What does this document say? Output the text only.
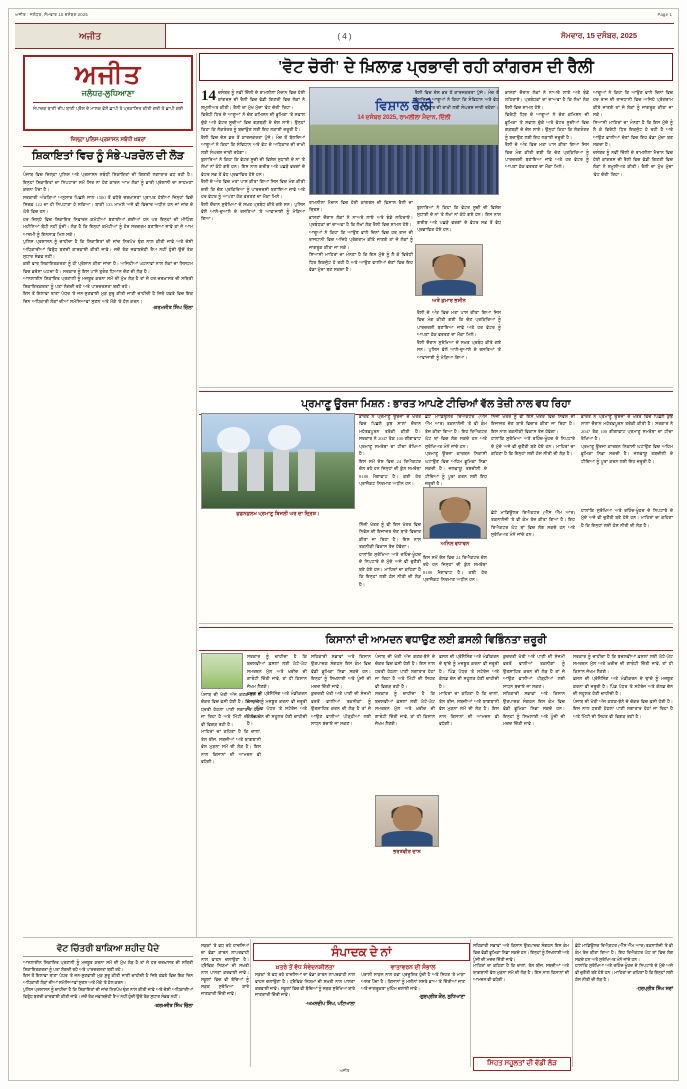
ਅਜੀਤ : ਜਲੰਧਰ, ਸੋਮਵਾਰ 15 ਦਸੰਬਰ 2025	Page 1
ਅਜੀਤ	( 4 )	ਸੋਮਵਾਰ, 15 ਦਸੰਬਰ, 2025
'ਵੋਟ ਚੋਰੀ' ਦੇ ਖ਼ਿਲਾਫ਼ ਪ੍ਰਭਾਵੀ ਰਹੀ ਕਾਂਗਰਸ ਦੀ ਰੈਲੀ
ਅਜੀਤ
ਜਲੰਧਰ-ਲੁਧਿਆਣਾ
ਸੰਪਾਦਕ ਬਾਣੀ ਦੀਪ ਬਾਣੀ ਪ੍ਰੈੱਸ ਦੇ ਮਾਲਕ ਵੱਲੋਂ ਛਾਪੀ ਤੇ ਪ੍ਰਕਾਸ਼ਿਤ ਕੀਤੀ ਗਈ ਤੇ ਛਾਪੀ ਗਈ
ਜ਼ਿਲ੍ਹਾ ਪੁਲਿਸ-ਪ੍ਰਸ਼ਾਸਨ ਸਬੰਧੀ ਖ਼ਬਰਾਂ
ਸ਼ਿਕਾਇਤਾਂ ਵਿਚ ਨੂੰ ਸੰਭੇ-ਪੜਚੋਲ ਦੀ ਲੋੜ
ਪੰਜਾਬ ਵਿਚ ਜ਼ਿਲ੍ਹਾ ਪੁਲਿਸ ਅਤੇ ਪ੍ਰਸ਼ਾਸਨ ਸਬੰਧੀ ਸ਼ਿਕਾਇਤਾਂ ਦੀ ਗਿਣਤੀ ਲਗਾਤਾਰ ਵਧ ਰਹੀ ਹੈ। ਇਨ੍ਹਾਂ ਸ਼ਿਕਾਇਤਾਂ ਦਾ ਨਿਪਟਾਰਾ ਸਮੇਂ ਸਿਰ ਨਾ ਹੋਣ ਕਾਰਨ ਆਮ ਲੋਕਾਂ ਨੂੰ ਭਾਰੀ ਪ੍ਰੇਸ਼ਾਨੀ ਦਾ ਸਾਹਮਣਾ ਕਰਨਾ ਪੈਂਦਾ ਹੈ।
ਸਰਕਾਰੀ ਅੰਕੜਿਆਂ ਅਨੁਸਾਰ ਪਿਛਲੇ ਸਾਲ 1500 ਤੋਂ ਵਧੇਰੇ ਦਰਖ਼ਾਸਤਾਂ ਪ੍ਰਾਪਤ ਹੋਈਆਂ ਜਿਨ੍ਹਾਂ ਵਿਚੋਂ ਸਿਰਫ਼ 122 ਦਾ ਹੀ ਨਿਪਟਾਰਾ ਹੋ ਸਕਿਆ। ਬਾਕੀ 133 ਮਾਮਲੇ ਅਜੇ ਵੀ ਵਿਚਾਰ ਅਧੀਨ ਹਨ ਜਾਂ ਜਾਂਚ ਦੇ ਘੇਰੇ ਵਿਚ ਹਨ।
ਹਰ ਜ਼ਿਲ੍ਹੇ ਵਿਚ ਸ਼ਿਕਾਇਤ ਨਿਵਾਰਨ ਕਮੇਟੀਆਂ ਬਣਾਈਆਂ ਗਈਆਂ ਹਨ ਪਰ ਇਨ੍ਹਾਂ ਦੀ ਮੀਟਿੰਗ ਮਹੀਨਿਆਂ ਬੱਧੀ ਨਹੀਂ ਹੁੰਦੀ। ਲੋੜ ਹੈ ਕਿ ਇਨ੍ਹਾਂ ਕਮੇਟੀਆਂ ਨੂੰ ਹੋਰ ਸਰਗਰਮ ਬਣਾਇਆ ਜਾਵੇ ਤਾਂ ਜੋ ਆਮ ਆਦਮੀ ਨੂੰ ਇਨਸਾਫ਼ ਮਿਲ ਸਕੇ।
ਪੁਲਿਸ ਪ੍ਰਸ਼ਾਸਨ ਨੂੰ ਚਾਹੀਦਾ ਹੈ ਕਿ ਸ਼ਿਕਾਇਤਾਂ ਦੀ ਜਾਂਚ ਨਿਰਪੱਖ ਢੰਗ ਨਾਲ ਕੀਤੀ ਜਾਵੇ ਅਤੇ ਦੋਸ਼ੀ ਅਧਿਕਾਰੀਆਂ ਵਿਰੁੱਧ ਬਣਦੀ ਕਾਰਵਾਈ ਕੀਤੀ ਜਾਵੇ। ਜਦੋਂ ਤੱਕ ਜਵਾਬਦੇਹੀ ਤੈਅ ਨਹੀਂ ਹੁੰਦੀ ਉਦੋਂ ਤੱਕ ਸੁਧਾਰ ਸੰਭਵ ਨਹੀਂ।
ਕਈ ਵਾਰ ਸ਼ਿਕਾਇਤਕਰਤਾ ਨੂੰ ਹੀ ਪ੍ਰੇਸ਼ਾਨ ਕੀਤਾ ਜਾਂਦਾ ਹੈ। ਅਜਿਹੀਆਂ ਘਟਨਾਵਾਂ ਨਾਲ ਲੋਕਾਂ ਦਾ ਸਿਸਟਮ ਵਿਚ ਭਰੋਸਾ ਘਟਦਾ ਹੈ। ਸਰਕਾਰ ਨੂੰ ਇਸ ਪਾਸੇ ਤੁਰੰਤ ਧਿਆਨ ਦੇਣ ਦੀ ਲੋੜ ਹੈ।
ਆਨਲਾਈਨ ਸ਼ਿਕਾਇਤ ਪ੍ਰਣਾਲੀ ਨੂੰ ਮਜ਼ਬੂਤ ਕਰਨਾ ਸਮੇਂ ਦੀ ਮੁੱਖ ਲੋੜ ਹੈ ਤਾਂ ਜੋ ਹਰ ਦਰਖ਼ਾਸਤ ਦੀ ਸਥਿਤੀ ਸ਼ਿਕਾਇਤਕਰਤਾ ਨੂੰ ਪਤਾ ਲੱਗਦੀ ਰਹੇ ਅਤੇ ਪਾਰਦਰਸ਼ਤਾ ਬਣੀ ਰਹੇ।
ਇਸ ਤੋਂ ਇਲਾਵਾ ਥਾਣਾ ਪੱਧਰ 'ਤੇ ਜਨ-ਸੁਣਵਾਈ ਮੁੜ ਸ਼ੁਰੂ ਕੀਤੀ ਜਾਣੀ ਚਾਹੀਦੀ ਹੈ ਜਿਥੇ ਹਫ਼ਤੇ ਵਿਚ ਇਕ ਦਿਨ ਅਧਿਕਾਰੀ ਲੋਕਾਂ ਦੀਆਂ ਸਮੱਸਿਆਵਾਂ ਸੁਣਨ ਅਤੇ ਮੌਕੇ 'ਤੇ ਹੱਲ ਕਰਨ।
-ਕਰਮਜੀਤ ਸਿੰਘ ਚਿੱਲਾ
ਵਿਸ਼ਾਲ ਰੈਲੀ
14 ਦਸੰਬਰ 2025, ਰਾਮਲੀਲਾ ਮੈਦਾਨ, ਦਿੱਲੀ
14 ਦਸੰਬਰ ਨੂੰ ਨਵੀਂ ਦਿੱਲੀ ਦੇ ਰਾਮਲੀਲਾ ਮੈਦਾਨ ਵਿਚ ਹੋਈ ਕਾਂਗਰਸ ਦੀ ਰੈਲੀ ਵਿਚ ਵੱਡੀ ਗਿਣਤੀ ਵਿਚ ਲੋਕਾਂ ਨੇ ਸ਼ਮੂਲੀਅਤ ਕੀਤੀ। ਰੈਲੀ ਦਾ ਮੁੱਖ ਮੁੱਦਾ 'ਵੋਟ ਚੋਰੀ' ਰਿਹਾ।
ਵਿਰੋਧੀ ਧਿਰ ਦੇ ਆਗੂਆਂ ਨੇ ਚੋਣ ਕਮਿਸ਼ਨ ਦੀ ਭੂਮਿਕਾ 'ਤੇ ਸਵਾਲ ਚੁੱਕੇ ਅਤੇ ਵੋਟਰ ਸੂਚੀਆਂ ਵਿਚ ਗੜਬੜੀ ਦੇ ਦੋਸ਼ ਲਾਏ। ਉਨ੍ਹਾਂ ਕਿਹਾ ਕਿ ਲੋਕਤੰਤਰ ਨੂੰ ਬਚਾਉਣ ਲਈ ਇਹ ਲੜਾਈ ਜ਼ਰੂਰੀ ਹੈ।
ਰੈਲੀ ਵਿਚ ਦੇਸ਼ ਭਰ ਤੋਂ ਕਾਰਜਕਰਤਾ ਪੁੱਜੇ। ਮੰਚ ਤੋਂ ਬੋਲਦਿਆਂ ਆਗੂਆਂ ਨੇ ਕਿਹਾ ਕਿ ਸੰਵਿਧਾਨ ਅਤੇ ਵੋਟ ਦੇ ਅਧਿਕਾਰ ਦੀ ਰਾਖੀ ਲਈ ਸੰਘਰਸ਼ ਜਾਰੀ ਰਹੇਗਾ।
ਬੁਲਾਰਿਆਂ ਨੇ ਕਿਹਾ ਕਿ ਵੋਟਰ ਸੂਚੀ ਦੀ ਵਿਸ਼ੇਸ਼ ਸੁਧਾਈ ਦੇ ਨਾਂ 'ਤੇ ਲੱਖਾਂ ਨਾਂ ਕੱਟੇ ਗਏ ਹਨ। ਇਸ ਨਾਲ ਗ਼ਰੀਬ ਅਤੇ ਪਛੜੇ ਵਰਗਾਂ ਦੇ ਵੋਟਰ ਸਭ ਤੋਂ ਵੱਧ ਪ੍ਰਭਾਵਿਤ ਹੋਏ ਹਨ।
ਰੈਲੀ ਦੇ ਅੰਤ ਵਿਚ ਮਤਾ ਪਾਸ ਕੀਤਾ ਗਿਆ ਜਿਸ ਵਿਚ ਮੰਗ ਕੀਤੀ ਗਈ ਕਿ ਚੋਣ ਪ੍ਰਕਿਰਿਆ ਨੂੰ ਪਾਰਦਰਸ਼ੀ ਬਣਾਇਆ ਜਾਵੇ ਅਤੇ ਹਰ ਵੋਟਰ ਨੂੰ ਆਪਣਾ ਹੱਕ ਵਰਤਣ ਦਾ ਮੌਕਾ ਮਿਲੇ।
ਰੈਲੀ ਦੌਰਾਨ ਸੁਰੱਖਿਆ ਦੇ ਸਖ਼ਤ ਪ੍ਰਬੰਧ ਕੀਤੇ ਗਏ ਸਨ। ਪੁਲਿਸ ਵੱਲੋਂ ਆਲੇ-ਦੁਆਲੇ ਦੇ ਰਸਤਿਆਂ 'ਤੇ ਆਵਾਜਾਈ ਨੂੰ ਮੋੜਿਆ ਗਿਆ।
ਰਾਮਲੀਲਾ ਮੈਦਾਨ ਵਿਚ ਹੋਈ ਕਾਂਗਰਸ ਦੀ ਵਿਸ਼ਾਲ ਰੈਲੀ ਦਾ ਦ੍ਰਿਸ਼।
ਭਾਸ਼ਣਾਂ ਦੌਰਾਨ ਲੋਕਾਂ ਨੇ ਨਾਅਰੇ ਲਾਏ ਅਤੇ ਝੰਡੇ ਲਹਿਰਾਏ। ਪ੍ਰਬੰਧਕਾਂ ਦਾ ਦਾਅਵਾ ਹੈ ਕਿ ਲੱਖਾਂ ਲੋਕ ਰੈਲੀ ਵਿਚ ਸ਼ਾਮਲ ਹੋਏ।
ਆਗੂਆਂ ਨੇ ਕਿਹਾ ਕਿ ਆਉਣ ਵਾਲੇ ਦਿਨਾਂ ਵਿਚ ਹਰ ਰਾਜ ਦੀ ਰਾਜਧਾਨੀ ਵਿਚ ਅਜਿਹੇ ਪ੍ਰੋਗਰਾਮ ਕੀਤੇ ਜਾਣਗੇ ਤਾਂ ਜੋ ਲੋਕਾਂ ਨੂੰ ਜਾਗਰੂਕ ਕੀਤਾ ਜਾ ਸਕੇ।
ਸਿਆਸੀ ਮਾਹਿਰਾਂ ਦਾ ਮੰਨਣਾ ਹੈ ਕਿ ਇਸ ਮੁੱਦੇ ਨੂੰ ਲੈ ਕੇ ਵਿਰੋਧੀ ਧਿਰ ਇਕਜੁੱਟ ਹੋ ਰਹੀ ਹੈ ਅਤੇ ਆਉਣ ਵਾਲੀਆਂ ਚੋਣਾਂ ਵਿਚ ਇਹ ਵੱਡਾ ਮੁੱਦਾ ਬਣ ਸਕਦਾ ਹੈ।
ਅਤੇ ਕੁਮਾਰ ਭਸੀਨ
ਰੈਲੀ ਵਿਚ ਦੇਸ਼ ਭਰ ਤੋਂ ਕਾਰਜਕਰਤਾ ਪੁੱਜੇ। ਮੰਚ ਤੋਂ ਬੋਲਦਿਆਂ ਆਗੂਆਂ ਨੇ ਕਿਹਾ ਕਿ ਸੰਵਿਧਾਨ ਅਤੇ ਵੋਟ ਦੇ ਅਧਿਕਾਰ ਦੀ ਰਾਖੀ ਲਈ ਸੰਘਰਸ਼ ਜਾਰੀ ਰਹੇਗਾ।
ਬੁਲਾਰਿਆਂ ਨੇ ਕਿਹਾ ਕਿ ਵੋਟਰ ਸੂਚੀ ਦੀ ਵਿਸ਼ੇਸ਼ ਸੁਧਾਈ ਦੇ ਨਾਂ 'ਤੇ ਲੱਖਾਂ ਨਾਂ ਕੱਟੇ ਗਏ ਹਨ। ਇਸ ਨਾਲ ਗ਼ਰੀਬ ਅਤੇ ਪਛੜੇ ਵਰਗਾਂ ਦੇ ਵੋਟਰ ਸਭ ਤੋਂ ਵੱਧ ਪ੍ਰਭਾਵਿਤ ਹੋਏ ਹਨ।
ਰੈਲੀ ਦੇ ਅੰਤ ਵਿਚ ਮਤਾ ਪਾਸ ਕੀਤਾ ਗਿਆ ਜਿਸ ਵਿਚ ਮੰਗ ਕੀਤੀ ਗਈ ਕਿ ਚੋਣ ਪ੍ਰਕਿਰਿਆ ਨੂੰ ਪਾਰਦਰਸ਼ੀ ਬਣਾਇਆ ਜਾਵੇ ਅਤੇ ਹਰ ਵੋਟਰ ਨੂੰ ਆਪਣਾ ਹੱਕ ਵਰਤਣ ਦਾ ਮੌਕਾ ਮਿਲੇ।
ਰੈਲੀ ਦੌਰਾਨ ਸੁਰੱਖਿਆ ਦੇ ਸਖ਼ਤ ਪ੍ਰਬੰਧ ਕੀਤੇ ਗਏ ਸਨ। ਪੁਲਿਸ ਵੱਲੋਂ ਆਲੇ-ਦੁਆਲੇ ਦੇ ਰਸਤਿਆਂ 'ਤੇ ਆਵਾਜਾਈ ਨੂੰ ਮੋੜਿਆ ਗਿਆ।
ਭਾਸ਼ਣਾਂ ਦੌਰਾਨ ਲੋਕਾਂ ਨੇ ਨਾਅਰੇ ਲਾਏ ਅਤੇ ਝੰਡੇ ਲਹਿਰਾਏ। ਪ੍ਰਬੰਧਕਾਂ ਦਾ ਦਾਅਵਾ ਹੈ ਕਿ ਲੱਖਾਂ ਲੋਕ ਰੈਲੀ ਵਿਚ ਸ਼ਾਮਲ ਹੋਏ।
ਵਿਰੋਧੀ ਧਿਰ ਦੇ ਆਗੂਆਂ ਨੇ ਚੋਣ ਕਮਿਸ਼ਨ ਦੀ ਭੂਮਿਕਾ 'ਤੇ ਸਵਾਲ ਚੁੱਕੇ ਅਤੇ ਵੋਟਰ ਸੂਚੀਆਂ ਵਿਚ ਗੜਬੜੀ ਦੇ ਦੋਸ਼ ਲਾਏ। ਉਨ੍ਹਾਂ ਕਿਹਾ ਕਿ ਲੋਕਤੰਤਰ ਨੂੰ ਬਚਾਉਣ ਲਈ ਇਹ ਲੜਾਈ ਜ਼ਰੂਰੀ ਹੈ।
ਰੈਲੀ ਦੇ ਅੰਤ ਵਿਚ ਮਤਾ ਪਾਸ ਕੀਤਾ ਗਿਆ ਜਿਸ ਵਿਚ ਮੰਗ ਕੀਤੀ ਗਈ ਕਿ ਚੋਣ ਪ੍ਰਕਿਰਿਆ ਨੂੰ ਪਾਰਦਰਸ਼ੀ ਬਣਾਇਆ ਜਾਵੇ ਅਤੇ ਹਰ ਵੋਟਰ ਨੂੰ ਆਪਣਾ ਹੱਕ ਵਰਤਣ ਦਾ ਮੌਕਾ ਮਿਲੇ।
ਆਗੂਆਂ ਨੇ ਕਿਹਾ ਕਿ ਆਉਣ ਵਾਲੇ ਦਿਨਾਂ ਵਿਚ ਹਰ ਰਾਜ ਦੀ ਰਾਜਧਾਨੀ ਵਿਚ ਅਜਿਹੇ ਪ੍ਰੋਗਰਾਮ ਕੀਤੇ ਜਾਣਗੇ ਤਾਂ ਜੋ ਲੋਕਾਂ ਨੂੰ ਜਾਗਰੂਕ ਕੀਤਾ ਜਾ ਸਕੇ।
ਸਿਆਸੀ ਮਾਹਿਰਾਂ ਦਾ ਮੰਨਣਾ ਹੈ ਕਿ ਇਸ ਮੁੱਦੇ ਨੂੰ ਲੈ ਕੇ ਵਿਰੋਧੀ ਧਿਰ ਇਕਜੁੱਟ ਹੋ ਰਹੀ ਹੈ ਅਤੇ ਆਉਣ ਵਾਲੀਆਂ ਚੋਣਾਂ ਵਿਚ ਇਹ ਵੱਡਾ ਮੁੱਦਾ ਬਣ ਸਕਦਾ ਹੈ।
ਦਸੰਬਰ ਨੂੰ ਨਵੀਂ ਦਿੱਲੀ ਦੇ ਰਾਮਲੀਲਾ ਮੈਦਾਨ ਵਿਚ ਹੋਈ ਕਾਂਗਰਸ ਦੀ ਰੈਲੀ ਵਿਚ ਵੱਡੀ ਗਿਣਤੀ ਵਿਚ ਲੋਕਾਂ ਨੇ ਸ਼ਮੂਲੀਅਤ ਕੀਤੀ। ਰੈਲੀ ਦਾ ਮੁੱਖ ਮੁੱਦਾ 'ਵੋਟ ਚੋਰੀ' ਰਿਹਾ।
ਪ੍ਰਮਾਣੂ ਊਰਜਾ ਮਿਸ਼ਨ : ਭਾਰਤ ਆਪਣੇ ਟੀਚਿਆਂ ਵੱਲ ਤੇਜ਼ੀ ਨਾਲ ਵਧ ਰਿਹਾ
ਕੁਡਨਕੁਲਮ ਪ੍ਰਮਾਣੂ ਬਿਜਲੀ ਘਰ ਦਾ ਦ੍ਰਿਸ਼।
ਭਾਰਤ ਨੇ ਪ੍ਰਮਾਣੂ ਊਰਜਾ ਦੇ ਖੇਤਰ ਵਿਚ ਪਿਛਲੇ ਕੁਝ ਸਾਲਾਂ ਦੌਰਾਨ ਮਹੱਤਵਪੂਰਨ ਤਰੱਕੀ ਕੀਤੀ ਹੈ। ਸਰਕਾਰ ਨੇ 2047 ਤੱਕ 100 ਗੀਗਾਵਾਟ ਪ੍ਰਮਾਣੂ ਸਮਰੱਥਾ ਦਾ ਟੀਚਾ ਰੱਖਿਆ ਹੈ।
ਇਸ ਸਮੇਂ ਦੇਸ਼ ਵਿਚ 24 ਰਿਐਕਟਰ ਚੱਲ ਰਹੇ ਹਨ ਜਿਨ੍ਹਾਂ ਦੀ ਕੁੱਲ ਸਮਰੱਥਾ 8180 ਮੈਗਾਵਾਟ ਹੈ। ਕਈ ਹੋਰ ਪ੍ਰਾਜੈਕਟ ਨਿਰਮਾਣ ਅਧੀਨ ਹਨ।
ਛੋਟੇ ਮਾਡਿਊਲਰ ਰਿਐਕਟਰ (ਐੱਸ ਐੱਮ ਆਰ) ਤਕਨਾਲੋਜੀ 'ਤੇ ਵੀ ਕੰਮ ਤੇਜ਼ ਕੀਤਾ ਗਿਆ ਹੈ। ਇਹ ਰਿਐਕਟਰ ਘੱਟ ਥਾਂ ਵਿਚ ਲੱਗ ਸਕਦੇ ਹਨ ਅਤੇ ਸੁਰੱਖਿਅਤ ਮੰਨੇ ਜਾਂਦੇ ਹਨ।
ਪ੍ਰਮਾਣੂ ਊਰਜਾ ਕਾਰਬਨ ਨਿਕਾਸੀ ਘਟਾਉਣ ਵਿਚ ਅਹਿਮ ਭੂਮਿਕਾ ਨਿਭਾ ਸਕਦੀ ਹੈ। ਜਲਵਾਯੂ ਤਬਦੀਲੀ ਦੇ ਟੀਚਿਆਂ ਨੂੰ ਪੂਰਾ ਕਰਨ ਲਈ ਇਹ ਜ਼ਰੂਰੀ ਹੈ।
ਨਿੱਜੀ ਖੇਤਰ ਨੂੰ ਵੀ ਇਸ ਖੇਤਰ ਵਿਚ ਨਿਵੇਸ਼ ਦੀ ਇਜਾਜ਼ਤ ਦੇਣ ਬਾਰੇ ਵਿਚਾਰ ਕੀਤਾ ਜਾ ਰਿਹਾ ਹੈ। ਇਸ ਨਾਲ ਤਕਨੀਕੀ ਵਿਕਾਸ ਤੇਜ਼ ਹੋਵੇਗਾ।
ਹਾਲਾਂਕਿ ਸੁਰੱਖਿਆ ਅਤੇ ਰਹਿੰਦ-ਖੂੰਹਦ ਦੇ ਨਿਪਟਾਰੇ ਦੇ ਮੁੱਦੇ ਅਜੇ ਵੀ ਚੁਣੌਤੀ ਬਣੇ ਹੋਏ ਹਨ। ਮਾਹਿਰਾਂ ਦਾ ਕਹਿਣਾ ਹੈ ਕਿ ਇਨ੍ਹਾਂ ਲਈ ਠੋਸ ਨੀਤੀ ਦੀ ਲੋੜ ਹੈ।
ਭਾਰਤ ਨੇ ਪ੍ਰਮਾਣੂ ਊਰਜਾ ਦੇ ਖੇਤਰ ਵਿਚ ਪਿਛਲੇ ਕੁਝ ਸਾਲਾਂ ਦੌਰਾਨ ਮਹੱਤਵਪੂਰਨ ਤਰੱਕੀ ਕੀਤੀ ਹੈ। ਸਰਕਾਰ ਨੇ 2047 ਤੱਕ 100 ਗੀਗਾਵਾਟ ਪ੍ਰਮਾਣੂ ਸਮਰੱਥਾ ਦਾ ਟੀਚਾ ਰੱਖਿਆ ਹੈ।
ਪ੍ਰਮਾਣੂ ਊਰਜਾ ਕਾਰਬਨ ਨਿਕਾਸੀ ਘਟਾਉਣ ਵਿਚ ਅਹਿਮ ਭੂਮਿਕਾ ਨਿਭਾ ਸਕਦੀ ਹੈ। ਜਲਵਾਯੂ ਤਬਦੀਲੀ ਦੇ ਟੀਚਿਆਂ ਨੂੰ ਪੂਰਾ ਕਰਨ ਲਈ ਇਹ ਜ਼ਰੂਰੀ ਹੈ।
ਅਨਿਲ ਵਧਾਵਨ
ਨਿੱਜੀ ਖੇਤਰ ਨੂੰ ਵੀ ਇਸ ਖੇਤਰ ਵਿਚ ਨਿਵੇਸ਼ ਦੀ ਇਜਾਜ਼ਤ ਦੇਣ ਬਾਰੇ ਵਿਚਾਰ ਕੀਤਾ ਜਾ ਰਿਹਾ ਹੈ। ਇਸ ਨਾਲ ਤਕਨੀਕੀ ਵਿਕਾਸ ਤੇਜ਼ ਹੋਵੇਗਾ।
ਹਾਲਾਂਕਿ ਸੁਰੱਖਿਆ ਅਤੇ ਰਹਿੰਦ-ਖੂੰਹਦ ਦੇ ਨਿਪਟਾਰੇ ਦੇ ਮੁੱਦੇ ਅਜੇ ਵੀ ਚੁਣੌਤੀ ਬਣੇ ਹੋਏ ਹਨ। ਮਾਹਿਰਾਂ ਦਾ ਕਹਿਣਾ ਹੈ ਕਿ ਇਨ੍ਹਾਂ ਲਈ ਠੋਸ ਨੀਤੀ ਦੀ ਲੋੜ ਹੈ।
ਇਸ ਸਮੇਂ ਦੇਸ਼ ਵਿਚ 24 ਰਿਐਕਟਰ ਚੱਲ ਰਹੇ ਹਨ ਜਿਨ੍ਹਾਂ ਦੀ ਕੁੱਲ ਸਮਰੱਥਾ 8180 ਮੈਗਾਵਾਟ ਹੈ। ਕਈ ਹੋਰ ਪ੍ਰਾਜੈਕਟ ਨਿਰਮਾਣ ਅਧੀਨ ਹਨ।
ਛੋਟੇ ਮਾਡਿਊਲਰ ਰਿਐਕਟਰ (ਐੱਸ ਐੱਮ ਆਰ) ਤਕਨਾਲੋਜੀ 'ਤੇ ਵੀ ਕੰਮ ਤੇਜ਼ ਕੀਤਾ ਗਿਆ ਹੈ। ਇਹ ਰਿਐਕਟਰ ਘੱਟ ਥਾਂ ਵਿਚ ਲੱਗ ਸਕਦੇ ਹਨ ਅਤੇ ਸੁਰੱਖਿਅਤ ਮੰਨੇ ਜਾਂਦੇ ਹਨ।
ਹਾਲਾਂਕਿ ਸੁਰੱਖਿਆ ਅਤੇ ਰਹਿੰਦ-ਖੂੰਹਦ ਦੇ ਨਿਪਟਾਰੇ ਦੇ ਮੁੱਦੇ ਅਜੇ ਵੀ ਚੁਣੌਤੀ ਬਣੇ ਹੋਏ ਹਨ। ਮਾਹਿਰਾਂ ਦਾ ਕਹਿਣਾ ਹੈ ਕਿ ਇਨ੍ਹਾਂ ਲਈ ਠੋਸ ਨੀਤੀ ਦੀ ਲੋੜ ਹੈ।
ਕਿਸਾਨਾਂ ਦੀ ਆਮਦਨ ਵਧਾਉਣ ਲਈ ਫ਼ਸਲੀ ਵਿਭਿੰਨਤਾ ਜ਼ਰੂਰੀ
ਪੰਜਾਬ ਦੀ ਖੇਤੀ ਅੱਜ ਕਣਕ-ਝੋਨੇ ਦੇ ਚੱਕਰ ਵਿਚ ਫਸੀ ਹੋਈ ਹੈ। ਇਸ ਨਾਲ ਧਰਤੀ ਹੇਠਲਾ ਪਾਣੀ ਲਗਾਤਾਰ ਹੇਠਾਂ ਜਾ ਰਿਹਾ ਹੈ ਅਤੇ ਮਿੱਟੀ ਦੀ ਸਿਹਤ ਵੀ ਵਿਗੜ ਰਹੀ ਹੈ।
ਮਾਹਿਰਾਂ ਦਾ ਕਹਿਣਾ ਹੈ ਕਿ ਦਾਲਾਂ, ਤੇਲ ਬੀਜ, ਸਬਜ਼ੀਆਂ ਅਤੇ ਬਾਗ਼ਬਾਨੀ ਵੱਲ ਮੁੜਨਾ ਸਮੇਂ ਦੀ ਲੋੜ ਹੈ। ਇਸ ਨਾਲ ਕਿਸਾਨਾਂ ਦੀ ਆਮਦਨ ਵੀ ਵਧੇਗੀ।
ਸਰਕਾਰ ਨੂੰ ਚਾਹੀਦਾ ਹੈ ਕਿ ਬਦਲਵੀਆਂ ਫ਼ਸਲਾਂ ਲਈ ਘੱਟੋ-ਘੱਟ ਸਮਰਥਨ ਮੁੱਲ ਅਤੇ ਖ਼ਰੀਦ ਦੀ ਗਾਰੰਟੀ ਦਿੱਤੀ ਜਾਵੇ, ਤਾਂ ਹੀ ਕਿਸਾਨ ਜੋਖਮ ਲੈਣਗੇ।
ਫ਼ਸਲ ਦੀ ਪ੍ਰੋਸੈਸਿੰਗ ਅਤੇ ਮੰਡੀਕਰਨ ਦੇ ਢਾਂਚੇ ਨੂੰ ਮਜ਼ਬੂਤ ਕਰਨਾ ਵੀ ਜ਼ਰੂਰੀ ਹੈ। ਪਿੰਡ ਪੱਧਰ 'ਤੇ ਸਟੋਰੇਜ ਅਤੇ ਕੋਲਡ ਚੇਨ ਦੀ ਸਹੂਲਤ ਹੋਣੀ ਚਾਹੀਦੀ ਹੈ।
ਸਹਿਕਾਰੀ ਸਭਾਵਾਂ ਅਤੇ ਕਿਸਾਨ ਉਤਪਾਦਕ ਸੰਗਠਨ ਇਸ ਕੰਮ ਵਿਚ ਵੱਡੀ ਭੂਮਿਕਾ ਨਿਭਾ ਸਕਦੇ ਹਨ। ਇਨ੍ਹਾਂ ਨੂੰ ਸਿਖਲਾਈ ਅਤੇ ਪੂੰਜੀ ਦੀ ਮਦਦ ਦਿੱਤੀ ਜਾਵੇ।
ਕੁਦਰਤੀ ਖੇਤੀ ਅਤੇ ਪਾਣੀ ਦੀ ਸੰਜਮੀ ਵਰਤੋਂ ਵਾਲੀਆਂ ਤਕਨੀਕਾਂ ਨੂੰ ਉਤਸ਼ਾਹਿਤ ਕਰਨ ਦੀ ਲੋੜ ਹੈ ਤਾਂ ਜੋ ਆਉਣ ਵਾਲੀਆਂ ਪੀੜ੍ਹੀਆਂ ਲਈ ਸਾਧਨ ਬਚਾਏ ਜਾ ਸਕਣ।
ਪੰਜਾਬ ਦੀ ਖੇਤੀ ਅੱਜ ਕਣਕ-ਝੋਨੇ ਦੇ ਚੱਕਰ ਵਿਚ ਫਸੀ ਹੋਈ ਹੈ। ਇਸ ਨਾਲ ਧਰਤੀ ਹੇਠਲਾ ਪਾਣੀ ਲਗਾਤਾਰ ਹੇਠਾਂ ਜਾ ਰਿਹਾ ਹੈ ਅਤੇ ਮਿੱਟੀ ਦੀ ਸਿਹਤ ਵੀ ਵਿਗੜ ਰਹੀ ਹੈ।
ਸਰਕਾਰ ਨੂੰ ਚਾਹੀਦਾ ਹੈ ਕਿ ਬਦਲਵੀਆਂ ਫ਼ਸਲਾਂ ਲਈ ਘੱਟੋ-ਘੱਟ ਸਮਰਥਨ ਮੁੱਲ ਅਤੇ ਖ਼ਰੀਦ ਦੀ ਗਾਰੰਟੀ ਦਿੱਤੀ ਜਾਵੇ, ਤਾਂ ਹੀ ਕਿਸਾਨ ਜੋਖਮ ਲੈਣਗੇ।
ਫ਼ਸਲ ਦੀ ਪ੍ਰੋਸੈਸਿੰਗ ਅਤੇ ਮੰਡੀਕਰਨ ਦੇ ਢਾਂਚੇ ਨੂੰ ਮਜ਼ਬੂਤ ਕਰਨਾ ਵੀ ਜ਼ਰੂਰੀ ਹੈ। ਪਿੰਡ ਪੱਧਰ 'ਤੇ ਸਟੋਰੇਜ ਅਤੇ ਕੋਲਡ ਚੇਨ ਦੀ ਸਹੂਲਤ ਹੋਣੀ ਚਾਹੀਦੀ ਹੈ।
ਮਾਹਿਰਾਂ ਦਾ ਕਹਿਣਾ ਹੈ ਕਿ ਦਾਲਾਂ, ਤੇਲ ਬੀਜ, ਸਬਜ਼ੀਆਂ ਅਤੇ ਬਾਗ਼ਬਾਨੀ ਵੱਲ ਮੁੜਨਾ ਸਮੇਂ ਦੀ ਲੋੜ ਹੈ। ਇਸ ਨਾਲ ਕਿਸਾਨਾਂ ਦੀ ਆਮਦਨ ਵੀ ਵਧੇਗੀ।
ਕੁਦਰਤੀ ਖੇਤੀ ਅਤੇ ਪਾਣੀ ਦੀ ਸੰਜਮੀ ਵਰਤੋਂ ਵਾਲੀਆਂ ਤਕਨੀਕਾਂ ਨੂੰ ਉਤਸ਼ਾਹਿਤ ਕਰਨ ਦੀ ਲੋੜ ਹੈ ਤਾਂ ਜੋ ਆਉਣ ਵਾਲੀਆਂ ਪੀੜ੍ਹੀਆਂ ਲਈ ਸਾਧਨ ਬਚਾਏ ਜਾ ਸਕਣ।
ਸਹਿਕਾਰੀ ਸਭਾਵਾਂ ਅਤੇ ਕਿਸਾਨ ਉਤਪਾਦਕ ਸੰਗਠਨ ਇਸ ਕੰਮ ਵਿਚ ਵੱਡੀ ਭੂਮਿਕਾ ਨਿਭਾ ਸਕਦੇ ਹਨ। ਇਨ੍ਹਾਂ ਨੂੰ ਸਿਖਲਾਈ ਅਤੇ ਪੂੰਜੀ ਦੀ ਮਦਦ ਦਿੱਤੀ ਜਾਵੇ।
ਸਰਕਾਰ ਨੂੰ ਚਾਹੀਦਾ ਹੈ ਕਿ ਬਦਲਵੀਆਂ ਫ਼ਸਲਾਂ ਲਈ ਘੱਟੋ-ਘੱਟ ਸਮਰਥਨ ਮੁੱਲ ਅਤੇ ਖ਼ਰੀਦ ਦੀ ਗਾਰੰਟੀ ਦਿੱਤੀ ਜਾਵੇ, ਤਾਂ ਹੀ ਕਿਸਾਨ ਜੋਖਮ ਲੈਣਗੇ।
ਫ਼ਸਲ ਦੀ ਪ੍ਰੋਸੈਸਿੰਗ ਅਤੇ ਮੰਡੀਕਰਨ ਦੇ ਢਾਂਚੇ ਨੂੰ ਮਜ਼ਬੂਤ ਕਰਨਾ ਵੀ ਜ਼ਰੂਰੀ ਹੈ। ਪਿੰਡ ਪੱਧਰ 'ਤੇ ਸਟੋਰੇਜ ਅਤੇ ਕੋਲਡ ਚੇਨ ਦੀ ਸਹੂਲਤ ਹੋਣੀ ਚਾਹੀਦੀ ਹੈ।
ਪੰਜਾਬ ਦੀ ਖੇਤੀ ਅੱਜ ਕਣਕ-ਝੋਨੇ ਦੇ ਚੱਕਰ ਵਿਚ ਫਸੀ ਹੋਈ ਹੈ। ਇਸ ਨਾਲ ਧਰਤੀ ਹੇਠਲਾ ਪਾਣੀ ਲਗਾਤਾਰ ਹੇਠਾਂ ਜਾ ਰਿਹਾ ਹੈ ਅਤੇ ਮਿੱਟੀ ਦੀ ਸਿਹਤ ਵੀ ਵਿਗੜ ਰਹੀ ਹੈ।
ਭਰਤਵੀਰ ਦਾਸ
ਵੋਟ ਚਿੱਤਰੀ ਬਾਕਿਆ ਸ਼ਹੀਦ ਪੈਦੇ
ਆਨਲਾਈਨ ਸ਼ਿਕਾਇਤ ਪ੍ਰਣਾਲੀ ਨੂੰ ਮਜ਼ਬੂਤ ਕਰਨਾ ਸਮੇਂ ਦੀ ਮੁੱਖ ਲੋੜ ਹੈ ਤਾਂ ਜੋ ਹਰ ਦਰਖ਼ਾਸਤ ਦੀ ਸਥਿਤੀ ਸ਼ਿਕਾਇਤਕਰਤਾ ਨੂੰ ਪਤਾ ਲੱਗਦੀ ਰਹੇ ਅਤੇ ਪਾਰਦਰਸ਼ਤਾ ਬਣੀ ਰਹੇ।
ਇਸ ਤੋਂ ਇਲਾਵਾ ਥਾਣਾ ਪੱਧਰ 'ਤੇ ਜਨ-ਸੁਣਵਾਈ ਮੁੜ ਸ਼ੁਰੂ ਕੀਤੀ ਜਾਣੀ ਚਾਹੀਦੀ ਹੈ ਜਿਥੇ ਹਫ਼ਤੇ ਵਿਚ ਇਕ ਦਿਨ ਅਧਿਕਾਰੀ ਲੋਕਾਂ ਦੀਆਂ ਸਮੱਸਿਆਵਾਂ ਸੁਣਨ ਅਤੇ ਮੌਕੇ 'ਤੇ ਹੱਲ ਕਰਨ।
ਪੁਲਿਸ ਪ੍ਰਸ਼ਾਸਨ ਨੂੰ ਚਾਹੀਦਾ ਹੈ ਕਿ ਸ਼ਿਕਾਇਤਾਂ ਦੀ ਜਾਂਚ ਨਿਰਪੱਖ ਢੰਗ ਨਾਲ ਕੀਤੀ ਜਾਵੇ ਅਤੇ ਦੋਸ਼ੀ ਅਧਿਕਾਰੀਆਂ ਵਿਰੁੱਧ ਬਣਦੀ ਕਾਰਵਾਈ ਕੀਤੀ ਜਾਵੇ। ਜਦੋਂ ਤੱਕ ਜਵਾਬਦੇਹੀ ਤੈਅ ਨਹੀਂ ਹੁੰਦੀ ਉਦੋਂ ਤੱਕ ਸੁਧਾਰ ਸੰਭਵ ਨਹੀਂ।
-ਕਰਮਜੀਤ ਸਿੰਘ ਚਿੱਲਾ
ਸੰਪਾਦਕ ਦੇ ਨਾਂ
ਸੜਕਾਂ 'ਤੇ ਵਧ ਰਹੇ ਹਾਦਸਿਆਂ ਦਾ ਵੱਡਾ ਕਾਰਨ ਲਾਪਰਵਾਹੀ ਨਾਲ ਵਾਹਨ ਚਲਾਉਣਾ ਹੈ। ਟ੍ਰੈਫਿਕ ਨਿਯਮਾਂ ਦੀ ਸਖ਼ਤੀ ਨਾਲ ਪਾਲਣਾ ਕਰਵਾਈ ਜਾਵੇ। ਸਕੂਲਾਂ ਵਿਚ ਵੀ ਬੱਚਿਆਂ ਨੂੰ ਸੜਕ ਸੁਰੱਖਿਆ ਬਾਰੇ ਜਾਣਕਾਰੀ ਦਿੱਤੀ ਜਾਵੇ।
ਖ਼ਤਰੇ ਤੋਂ ਵੱਧ ਸੰਵੇਦਨਸ਼ੀਲਤਾ
ਸੜਕਾਂ 'ਤੇ ਵਧ ਰਹੇ ਹਾਦਸਿਆਂ ਦਾ ਵੱਡਾ ਕਾਰਨ ਲਾਪਰਵਾਹੀ ਨਾਲ ਵਾਹਨ ਚਲਾਉਣਾ ਹੈ। ਟ੍ਰੈਫਿਕ ਨਿਯਮਾਂ ਦੀ ਸਖ਼ਤੀ ਨਾਲ ਪਾਲਣਾ ਕਰਵਾਈ ਜਾਵੇ। ਸਕੂਲਾਂ ਵਿਚ ਵੀ ਬੱਚਿਆਂ ਨੂੰ ਸੜਕ ਸੁਰੱਖਿਆ ਬਾਰੇ ਜਾਣਕਾਰੀ ਦਿੱਤੀ ਜਾਵੇ।
-ਅਮਨਦੀਪ ਸਿੰਘ, ਪਟਿਆਲਾ
ਵਾਤਾਵਰਨ ਦੀ ਸੰਭਾਲ
ਪਰਾਲੀ ਸਾੜਨ ਨਾਲ ਹਵਾ ਪ੍ਰਦੂਸ਼ਿਤ ਹੁੰਦੀ ਹੈ ਅਤੇ ਸਿਹਤ 'ਤੇ ਮਾੜਾ ਅਸਰ ਪੈਂਦਾ ਹੈ। ਕਿਸਾਨਾਂ ਨੂੰ ਮਸ਼ੀਨਾਂ ਸਸਤੇ ਭਾਅ 'ਤੇ ਦਿੱਤੀਆਂ ਜਾਣ ਅਤੇ ਜਾਗਰੂਕਤਾ ਮੁਹਿੰਮ ਚਲਾਈ ਜਾਵੇ।
-ਗੁਰਪ੍ਰੀਤ ਕੌਰ, ਲੁਧਿਆਣਾ
ਸਹਿਕਾਰੀ ਸਭਾਵਾਂ ਅਤੇ ਕਿਸਾਨ ਉਤਪਾਦਕ ਸੰਗਠਨ ਇਸ ਕੰਮ ਵਿਚ ਵੱਡੀ ਭੂਮਿਕਾ ਨਿਭਾ ਸਕਦੇ ਹਨ। ਇਨ੍ਹਾਂ ਨੂੰ ਸਿਖਲਾਈ ਅਤੇ ਪੂੰਜੀ ਦੀ ਮਦਦ ਦਿੱਤੀ ਜਾਵੇ।
ਮਾਹਿਰਾਂ ਦਾ ਕਹਿਣਾ ਹੈ ਕਿ ਦਾਲਾਂ, ਤੇਲ ਬੀਜ, ਸਬਜ਼ੀਆਂ ਅਤੇ ਬਾਗ਼ਬਾਨੀ ਵੱਲ ਮੁੜਨਾ ਸਮੇਂ ਦੀ ਲੋੜ ਹੈ। ਇਸ ਨਾਲ ਕਿਸਾਨਾਂ ਦੀ ਆਮਦਨ ਵੀ ਵਧੇਗੀ।
ਛੋਟੇ ਮਾਡਿਊਲਰ ਰਿਐਕਟਰ (ਐੱਸ ਐੱਮ ਆਰ) ਤਕਨਾਲੋਜੀ 'ਤੇ ਵੀ ਕੰਮ ਤੇਜ਼ ਕੀਤਾ ਗਿਆ ਹੈ। ਇਹ ਰਿਐਕਟਰ ਘੱਟ ਥਾਂ ਵਿਚ ਲੱਗ ਸਕਦੇ ਹਨ ਅਤੇ ਸੁਰੱਖਿਅਤ ਮੰਨੇ ਜਾਂਦੇ ਹਨ।
ਹਾਲਾਂਕਿ ਸੁਰੱਖਿਆ ਅਤੇ ਰਹਿੰਦ-ਖੂੰਹਦ ਦੇ ਨਿਪਟਾਰੇ ਦੇ ਮੁੱਦੇ ਅਜੇ ਵੀ ਚੁਣੌਤੀ ਬਣੇ ਹੋਏ ਹਨ। ਮਾਹਿਰਾਂ ਦਾ ਕਹਿਣਾ ਹੈ ਕਿ ਇਨ੍ਹਾਂ ਲਈ ਠੋਸ ਨੀਤੀ ਦੀ ਲੋੜ ਹੈ।
-ਹਰਪ੍ਰੀਤ ਸਿੰਘ ਸਰਾਂ
ਸਿਹਤ ਸਹੂਲਤਾਂ ਦੀ ਵੱਡੀ ਲੋੜ
ਅਜੀਤ
